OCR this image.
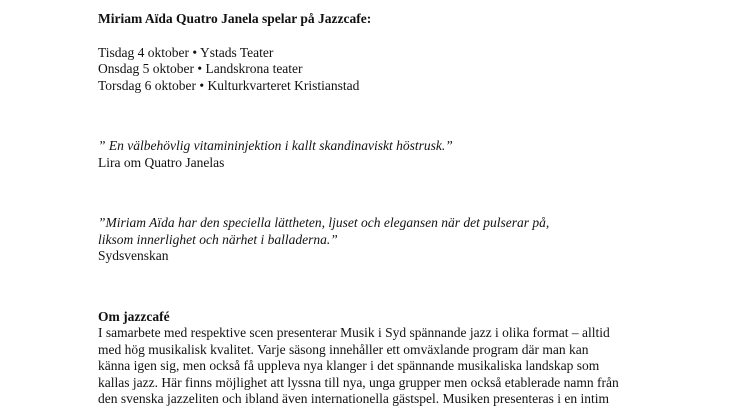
Miriam Aïda Quatro Janela spelar på Jazzcafe:
Tisdag 4 oktober • Ystads Teater
Onsdag 5 oktober • Landskrona teater
Torsdag 6 oktober • Kulturkvarteret Kristianstad
” En välbehövlig vitamininjektion i kallt skandinaviskt höstrusk.”
Lira om Quatro Janelas
”Miriam Aïda har den speciella lättheten, ljuset och elegansen när det pulserar på,
liksom innerlighet och närhet i balladerna.”
Sydsvenskan
Om jazzcafé
I samarbete med respektive scen presenterar Musik i Syd spännande jazz i olika format – alltid
med hög musikalisk kvalitet. Varje säsong innehåller ett omväxlande program där man kan
känna igen sig, men också få uppleva nya klanger i det spännande musikaliska landskap som
kallas jazz. Här finns möjlighet att lyssna till nya, unga grupper men också etablerade namn från
den svenska jazzeliten och ibland även internationella gästspel. Musiken presenteras i en intim
